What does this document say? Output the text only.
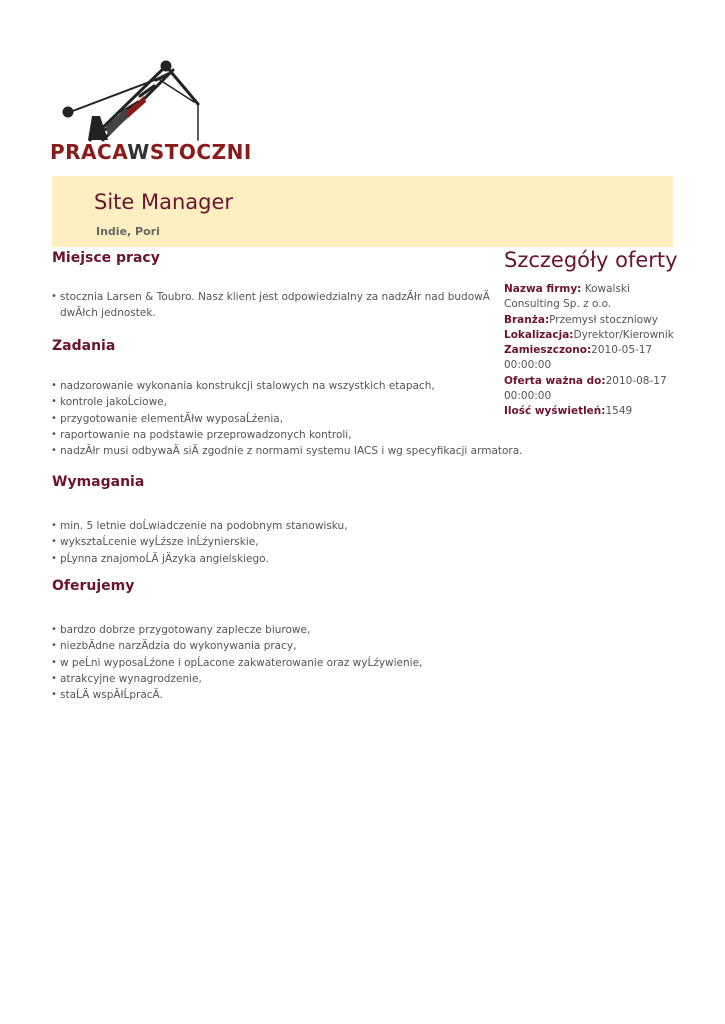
PRACAWSTOCZNI
Site Manager
Indie, Pori
Miejsce pracy
• stocznia Larsen & Toubro. Nasz klient jest odpowiedzialny za nadzĂłr nad budowÄ dwĂłch jednostek.
Zadania
• nadzorowanie wykonania konstrukcji stalowych na wszystkich etapach,
• kontrole jakoĹciowe,
• przygotowanie elementĂłw wyposaĹźenia,
• raportowanie na podstawie przeprowadzonych kontroli,
• nadzĂłr musi odbywaÄ siÄ zgodnie z normami systemu IACS i wg specyfikacji armatora.
Wymagania
• min. 5 letnie doĹwiadczenie na podobnym stanowisku,
• wyksztaĹcenie wyĹźsze inĹźynierskie,
• pĹynna znajomoĹÄ jÄzyka angielskiego.
Oferujemy
• bardzo dobrze przygotowany zaplecze biurowe,
• niezbÄdne narzÄdzia do wykonywania pracy,
• w peĹni wyposaĹźone i opĹacone zakwaterowanie oraz wyĹźywienie,
• atrakcyjne wynagrodzenie,
• staĹÄ wspĂłĹpracÄ.
Szczegóły oferty
Nazwa firmy: Kowalski Consulting Sp. z o.o.
Branża:Przemysł stoczniowy
Lokalizacja:Dyrektor/Kierownik
Zamieszczono:2010-05-17 00:00:00
Oferta ważna do:2010-08-17 00:00:00
Ilość wyświetleń:1549
